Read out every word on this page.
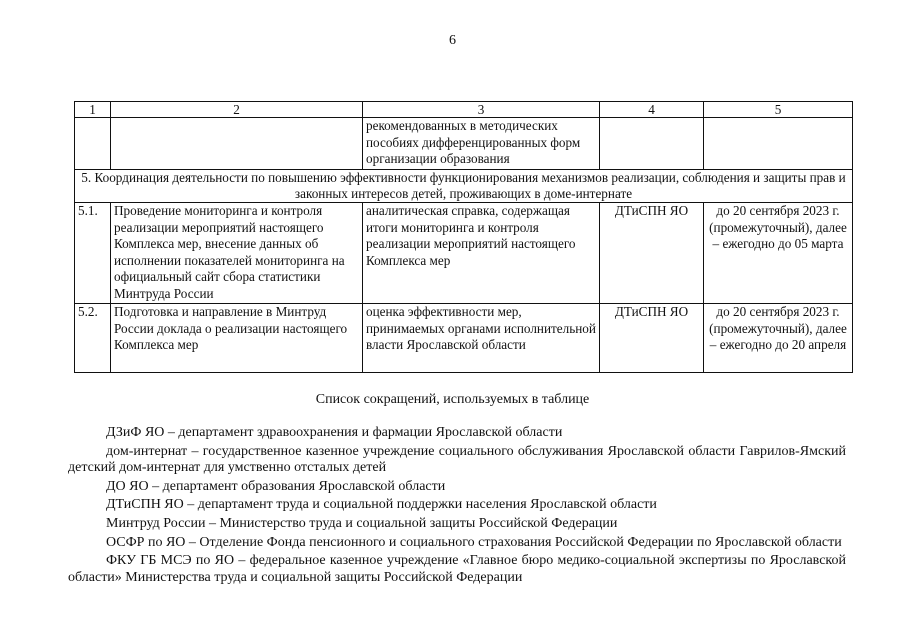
6
1	2	3	4	5
		рекомендованных в методических пособиях дифференцированных форм организации образования		
5. Координация деятельности по повышению эффективности функционирования механизмов реализации, соблюдения и защиты прав и законных интересов детей, проживающих в доме-интернате				
5.1.	Проведение мониторинга и контроля реализации мероприятий настоящего Комплекса мер, внесение данных об исполнении показателей мониторинга на официальный сайт сбора статистики Минтруда России	аналитическая справка, содержащая итоги мониторинга и контроля реализации мероприятий настоящего Комплекса мер	ДТиСПН ЯО	до 20 сентября 2023 г. (промежуточный), далее – ежегодно до 05 марта
5.2.	Подготовка и направление в Минтруд России доклада о реализации настоящего Комплекса мер	оценка эффективности мер, принимаемых органами исполнительной власти Ярославской области	ДТиСПН ЯО	до 20 сентября 2023 г. (промежуточный), далее – ежегодно до 20 апреля
Список сокращений, используемых в таблице

ДЗиФ ЯО – департамент здравоохранения и фармации Ярославской области

дом-интернат – государственное казенное учреждение социального обслуживания Ярославской области Гаврилов-Ямский детский дом-интернат для умственно отсталых детей

ДО ЯО – департамент образования Ярославской области

ДТиСПН ЯО – департамент труда и социальной поддержки населения Ярославской области

Минтруд России – Министерство труда и социальной защиты Российской Федерации

ОСФР по ЯО – Отделение Фонда пенсионного и социального страхования Российской Федерации по Ярославской области

ФКУ ГБ МСЭ по ЯО – федеральное казенное учреждение «Главное бюро медико-социальной экспертизы по Ярославской области» Министерства труда и социальной защиты Российской Федерации
